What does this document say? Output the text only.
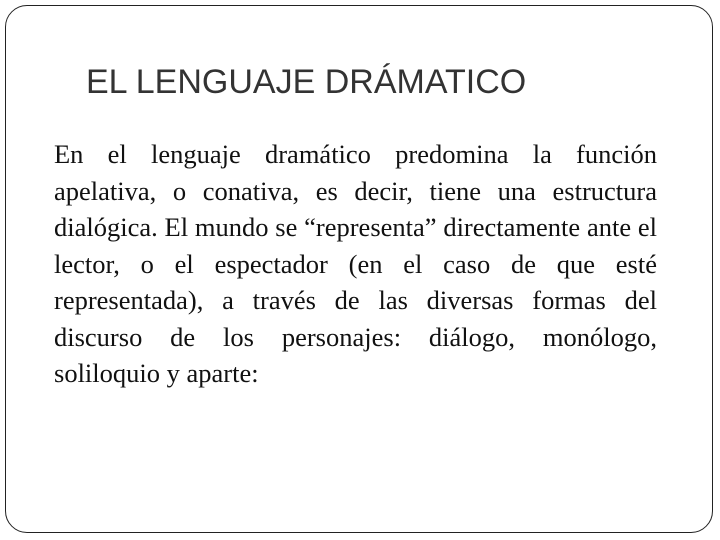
EL LENGUAJE DRÁMATICO

En el lenguaje dramático predomina la función apelativa, o conativa, es decir, tiene una estructura dialógica. El mundo se “representa” directamente ante el lector, o el espectador (en el caso de que esté representada), a través de las diversas formas del discurso de los personajes: diálogo, monólogo, soliloquio y aparte:
